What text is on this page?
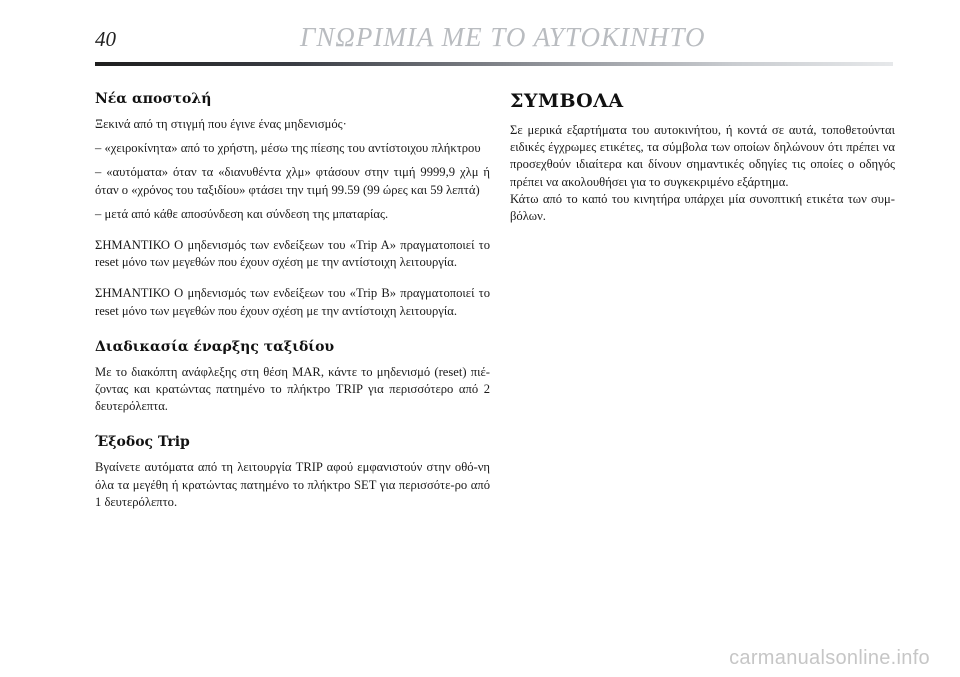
40	ΓΝΩΡΙΜΙΑ ΜΕ ΤΟ ΑΥΤΟΚΙΝΗΤΟ
Νέα αποστολή

Ξεκινά από τη στιγμή που έγινε ένας μηδενισμός·

– «χειροκίνητα» από το χρήστη, μέσω της πίεσης του αντίστοιχου πλήκτρου

– «αυτόματα» όταν τα «διανυθέντα χλμ» φτάσουν στην τιμή 9999,9 χλμ ή όταν ο «χρόνος του ταξιδίου» φτάσει την τιμή 99.59 (99 ώρες και 59 λεπτά)

– μετά από κάθε αποσύνδεση και σύνδεση της μπαταρίας.

ΣΗΜΑΝΤΙΚΟ Ο μηδενισμός των ενδείξεων του «Trip A» πραγματοποιεί το reset μόνο των μεγεθών που έχουν σχέση με την αντίστοιχη λειτουργία.

ΣΗΜΑΝΤΙΚΟ Ο μηδενισμός των ενδείξεων του «Trip B» πραγματοποιεί το reset μόνο των μεγεθών που έχουν σχέση με την αντίστοιχη λειτουργία.

Διαδικασία έναρξης ταξιδίου

Με το διακόπτη ανάφλεξης στη θέση MAR, κάντε το μηδενισμό (reset) πιέ-ζοντας και κρατώντας πατημένο το πλήκτρο TRIP για περισσότερο από 2 δευτερόλεπτα.

Έξοδος Trip

Βγαίνετε αυτόματα από τη λειτουργία TRIP αφού εμφανιστούν στην οθό-νη όλα τα μεγέθη ή κρατώντας πατημένο το πλήκτρο SET για περισσότε-ρο από 1 δευτερόλεπτο.

ΣΥΜΒΟΛΑ

Σε μερικά εξαρτήματα του αυτοκινήτου, ή κοντά σε αυτά, τοποθετούνται ειδικές έγχρωμες ετικέτες, τα σύμβολα των οποίων δηλώνουν ότι πρέπει να προσεχθούν ιδιαίτερα και δίνουν σημαντικές οδηγίες τις οποίες ο οδηγός πρέπει να ακολουθήσει για το συγκεκριμένο εξάρτημα.

Κάτω από το καπό του κινητήρα υπάρχει μία συνοπτική ετικέτα των συμ-βόλων.

carmanualsonline.info
